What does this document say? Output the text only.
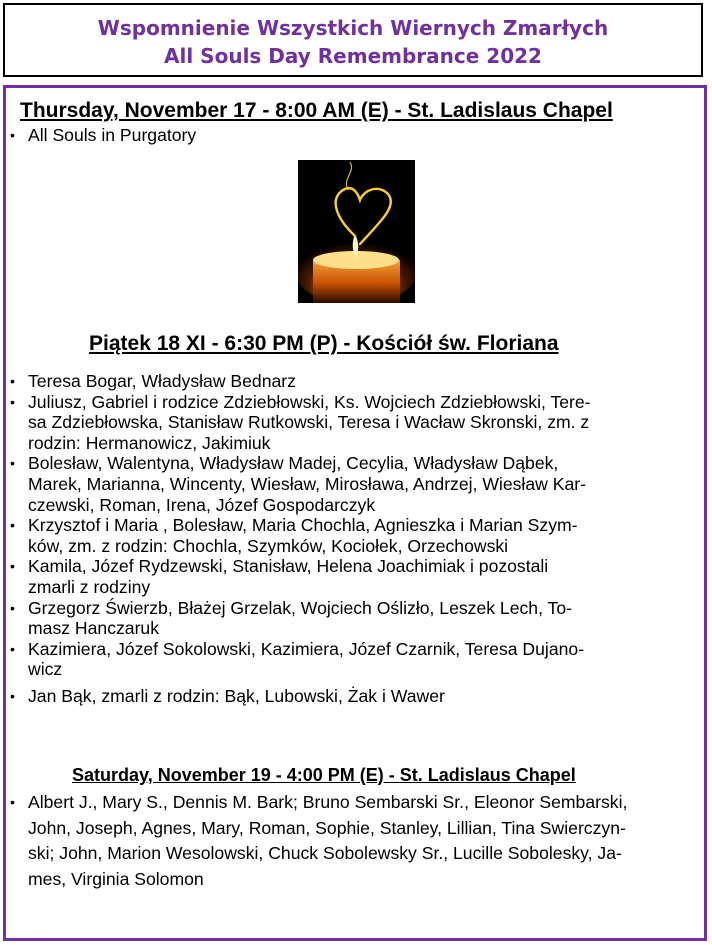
Wspomnienie Wszystkich Wiernych Zmarłych
All Souls Day Remembrance 2022
Thursday, November 17 - 8:00 AM (E) - St. Ladislaus Chapel
• All Souls in Purgatory
Piątek 18 XI - 6:30 PM (P) - Kościół św. Floriana
• Teresa Bogar, Władysław Bednarz
• Juliusz, Gabriel i rodzice Zdziebłowski, Ks. Wojciech Zdziebłowski, Tere-
sa Zdziebłowska, Stanisław Rutkowski, Teresa i Wacław Skronski, zm. z
rodzin: Hermanowicz, Jakimiuk
• Bolesław, Walentyna, Władysław Madej, Cecylia, Władysław Dąbek,
Marek, Marianna, Wincenty, Wiesław, Mirosława, Andrzej, Wiesław Kar-
czewski, Roman, Irena, Józef Gospodarczyk
• Krzysztof i Maria , Bolesław, Maria Chochla, Agnieszka i Marian Szym-
ków, zm. z rodzin: Chochla, Szymków, Kociołek, Orzechowski
• Kamila, Józef Rydzewski, Stanisław, Helena Joachimiak i pozostali
zmarli z rodziny
• Grzegorz Świerzb, Błażej Grzelak, Wojciech Oślizło, Leszek Lech, To-
masz Hanczaruk
• Kazimiera, Józef Sokolowski, Kazimiera, Józef Czarnik, Teresa Dujano-
wicz
• Jan Bąk, zmarli z rodzin: Bąk, Lubowski, Żak i Wawer
Saturday, November 19 - 4:00 PM (E) - St. Ladislaus Chapel
• Albert J., Mary S., Dennis M. Bark; Bruno Sembarski Sr., Eleonor Sembarski,
John, Joseph, Agnes, Mary, Roman, Sophie, Stanley, Lillian, Tina Swierczyn-
ski; John, Marion Wesolowski, Chuck Sobolewsky Sr., Lucille Sobolesky, Ja-
mes, Virginia Solomon
